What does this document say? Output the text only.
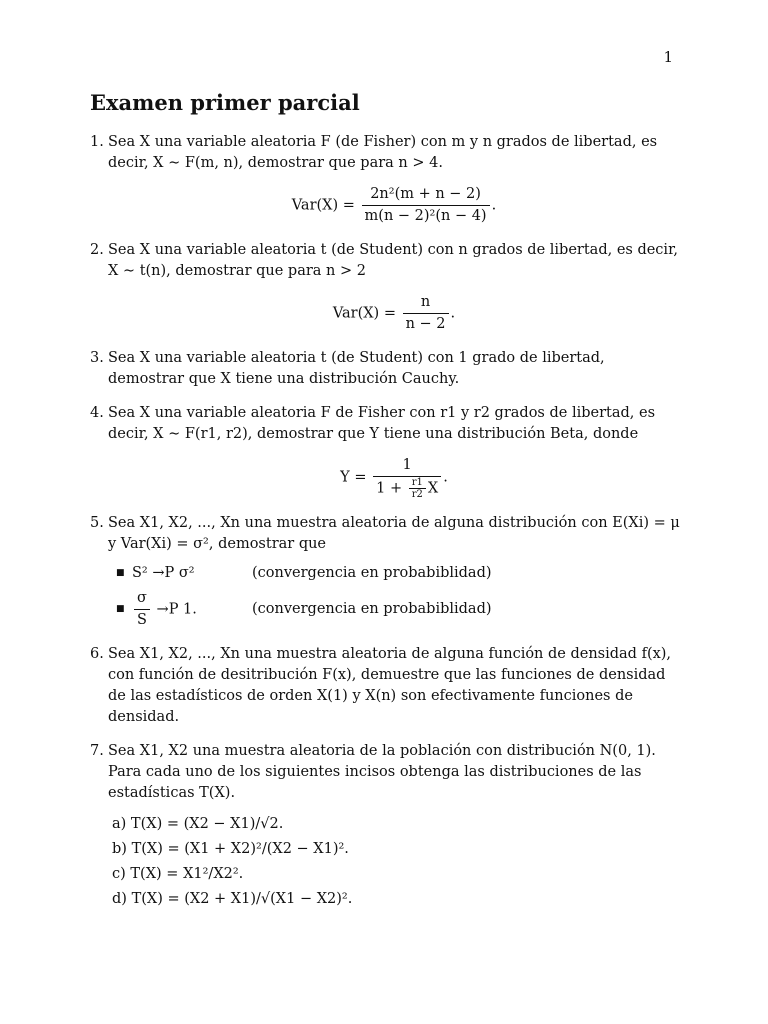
1
Examen primer parcial
1. Sea X una variable aleatoria F (de Fisher) con m y n grados de libertad, es decir, X ∼ F(m, n), demostrar que para n > 4.
$Var(X) = \frac{\text{2n²(m + n − 2)}}{\text{m(n − 2)²(n − 4)}}$ .
2. Sea X una variable aleatoria t (de Student) con n grados de libertad, es decir, X ∼ t(n), demostrar que para n > 2
$Var(X) = \frac{n}{n - 2}$ .
3. Sea X una variable aleatoria t (de Student) con 1 grado de libertad, demostrar que X tiene una distribución Cauchy.
4. Sea X una variable aleatoria F de Fisher con r1 y r2 grados de libertad, es decir, X ∼ F(r1, r2), demostrar que Y tiene una distribución Beta, donde
$Y = \frac{1}{1 + \frac{r1}{r2} X}$ .
5. Sea X1, X2, ..., Xn una muestra aleatoria de alguna distribución con E(Xi) = μ y Var(Xi) = σ², demostrar que
■ S² →P σ²	(convergencia en probabiblidad)
■ $\frac{\sigma}{S} \to P$ 1.	(convergencia en probabiblidad)
6. Sea X1, X2, ..., Xn una muestra aleatoria de alguna función de densidad f(x), con función de desitribución F(x), demuestre que las funciones de densidad de las estadísticos de orden X(1) y X(n) son efectivamente funciones de densidad.
7. Sea X1, X2 una muestra aleatoria de la población con distribución N(0, 1). Para cada uno de los siguientes incisos obtenga las distribuciones de las estadísticas T(X).
a) T(X) = (X2 − X1)/√2.
b) T(X) = (X1 + X2)²/(X2 − X1)².
c) T(X) = X1²/X2².
d) T(X) = (X2 + X1)/√(X1 − X2)².
